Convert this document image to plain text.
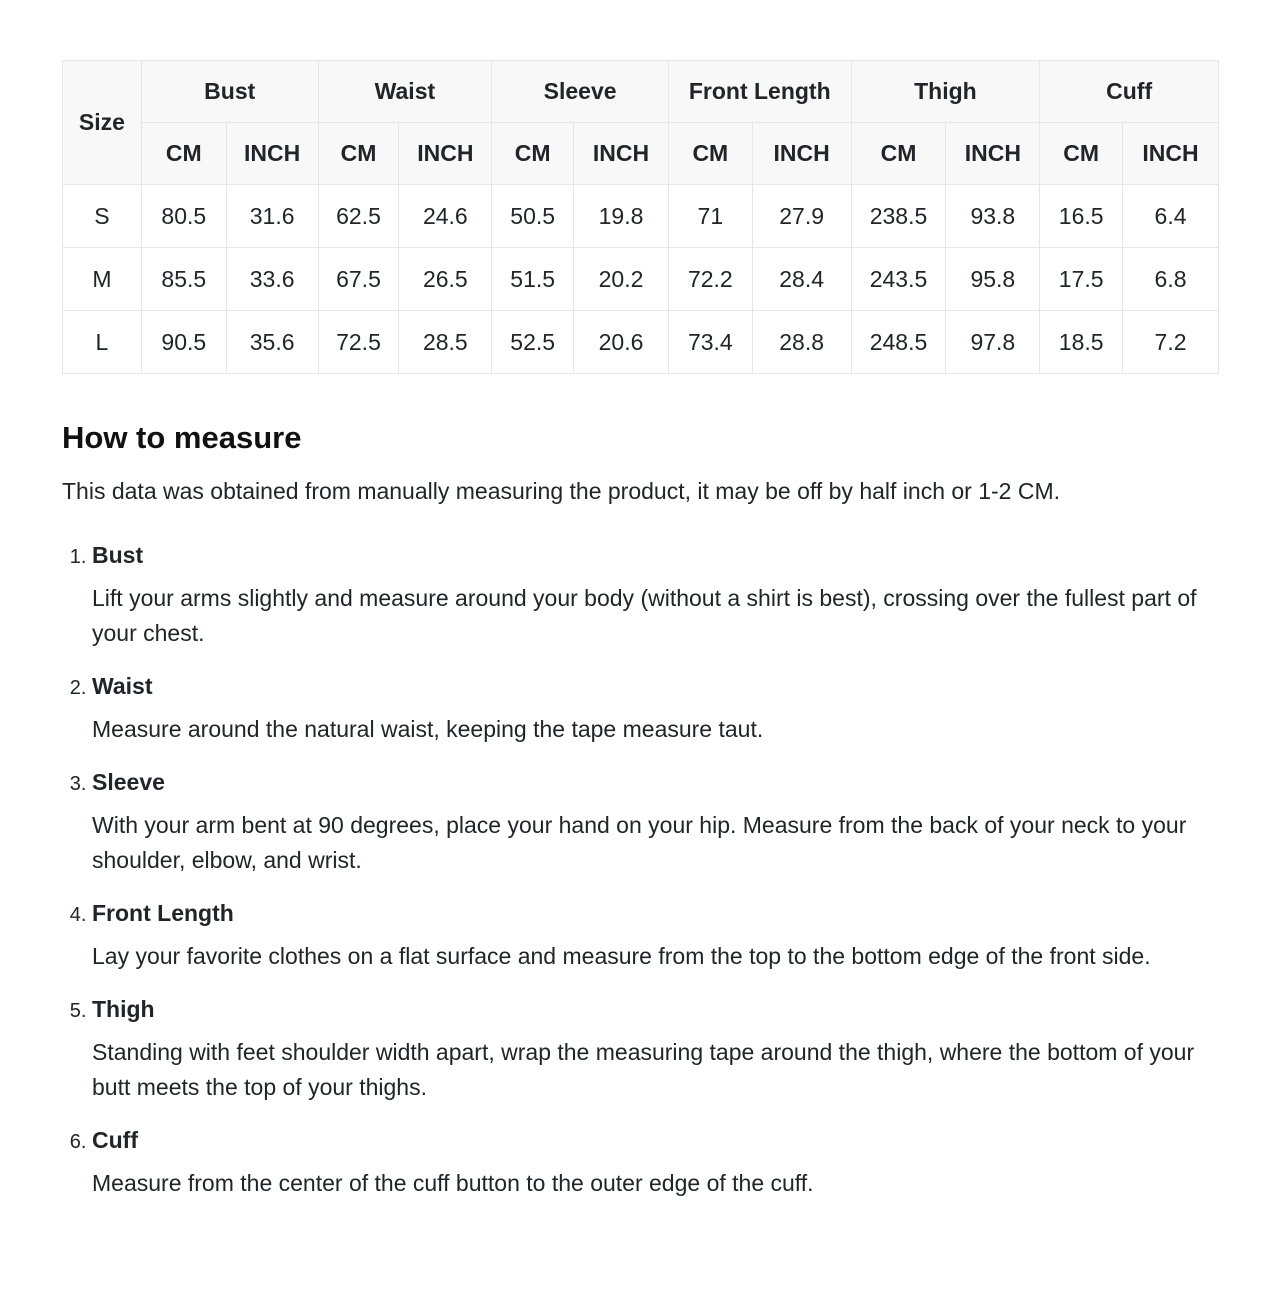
Size	Bust		Waist		Sleeve		Front Length		Thigh		Cuff	
	CM	INCH	CM	INCH	CM	INCH	CM	INCH	CM	INCH	CM	INCH
S	80.5	31.6	62.5	24.6	50.5	19.8	71	27.9	238.5	93.8	16.5	6.4
M	85.5	33.6	67.5	26.5	51.5	20.2	72.2	28.4	243.5	95.8	17.5	6.8
L	90.5	35.6	72.5	28.5	52.5	20.6	73.4	28.8	248.5	97.8	18.5	7.2
How to measure

This data was obtained from manually measuring the product, it may be off by half inch or 1-2 CM.

1. Bust

Lift your arms slightly and measure around your body (without a shirt is best), crossing over the fullest part of your chest.

2. Waist

Measure around the natural waist, keeping the tape measure taut.

3. Sleeve

With your arm bent at 90 degrees, place your hand on your hip. Measure from the back of your neck to your shoulder, elbow, and wrist.

4. Front Length

Lay your favorite clothes on a flat surface and measure from the top to the bottom edge of the front side.

5. Thigh

Standing with feet shoulder width apart, wrap the measuring tape around the thigh, where the bottom of your butt meets the top of your thighs.

6. Cuff

Measure from the center of the cuff button to the outer edge of the cuff.
